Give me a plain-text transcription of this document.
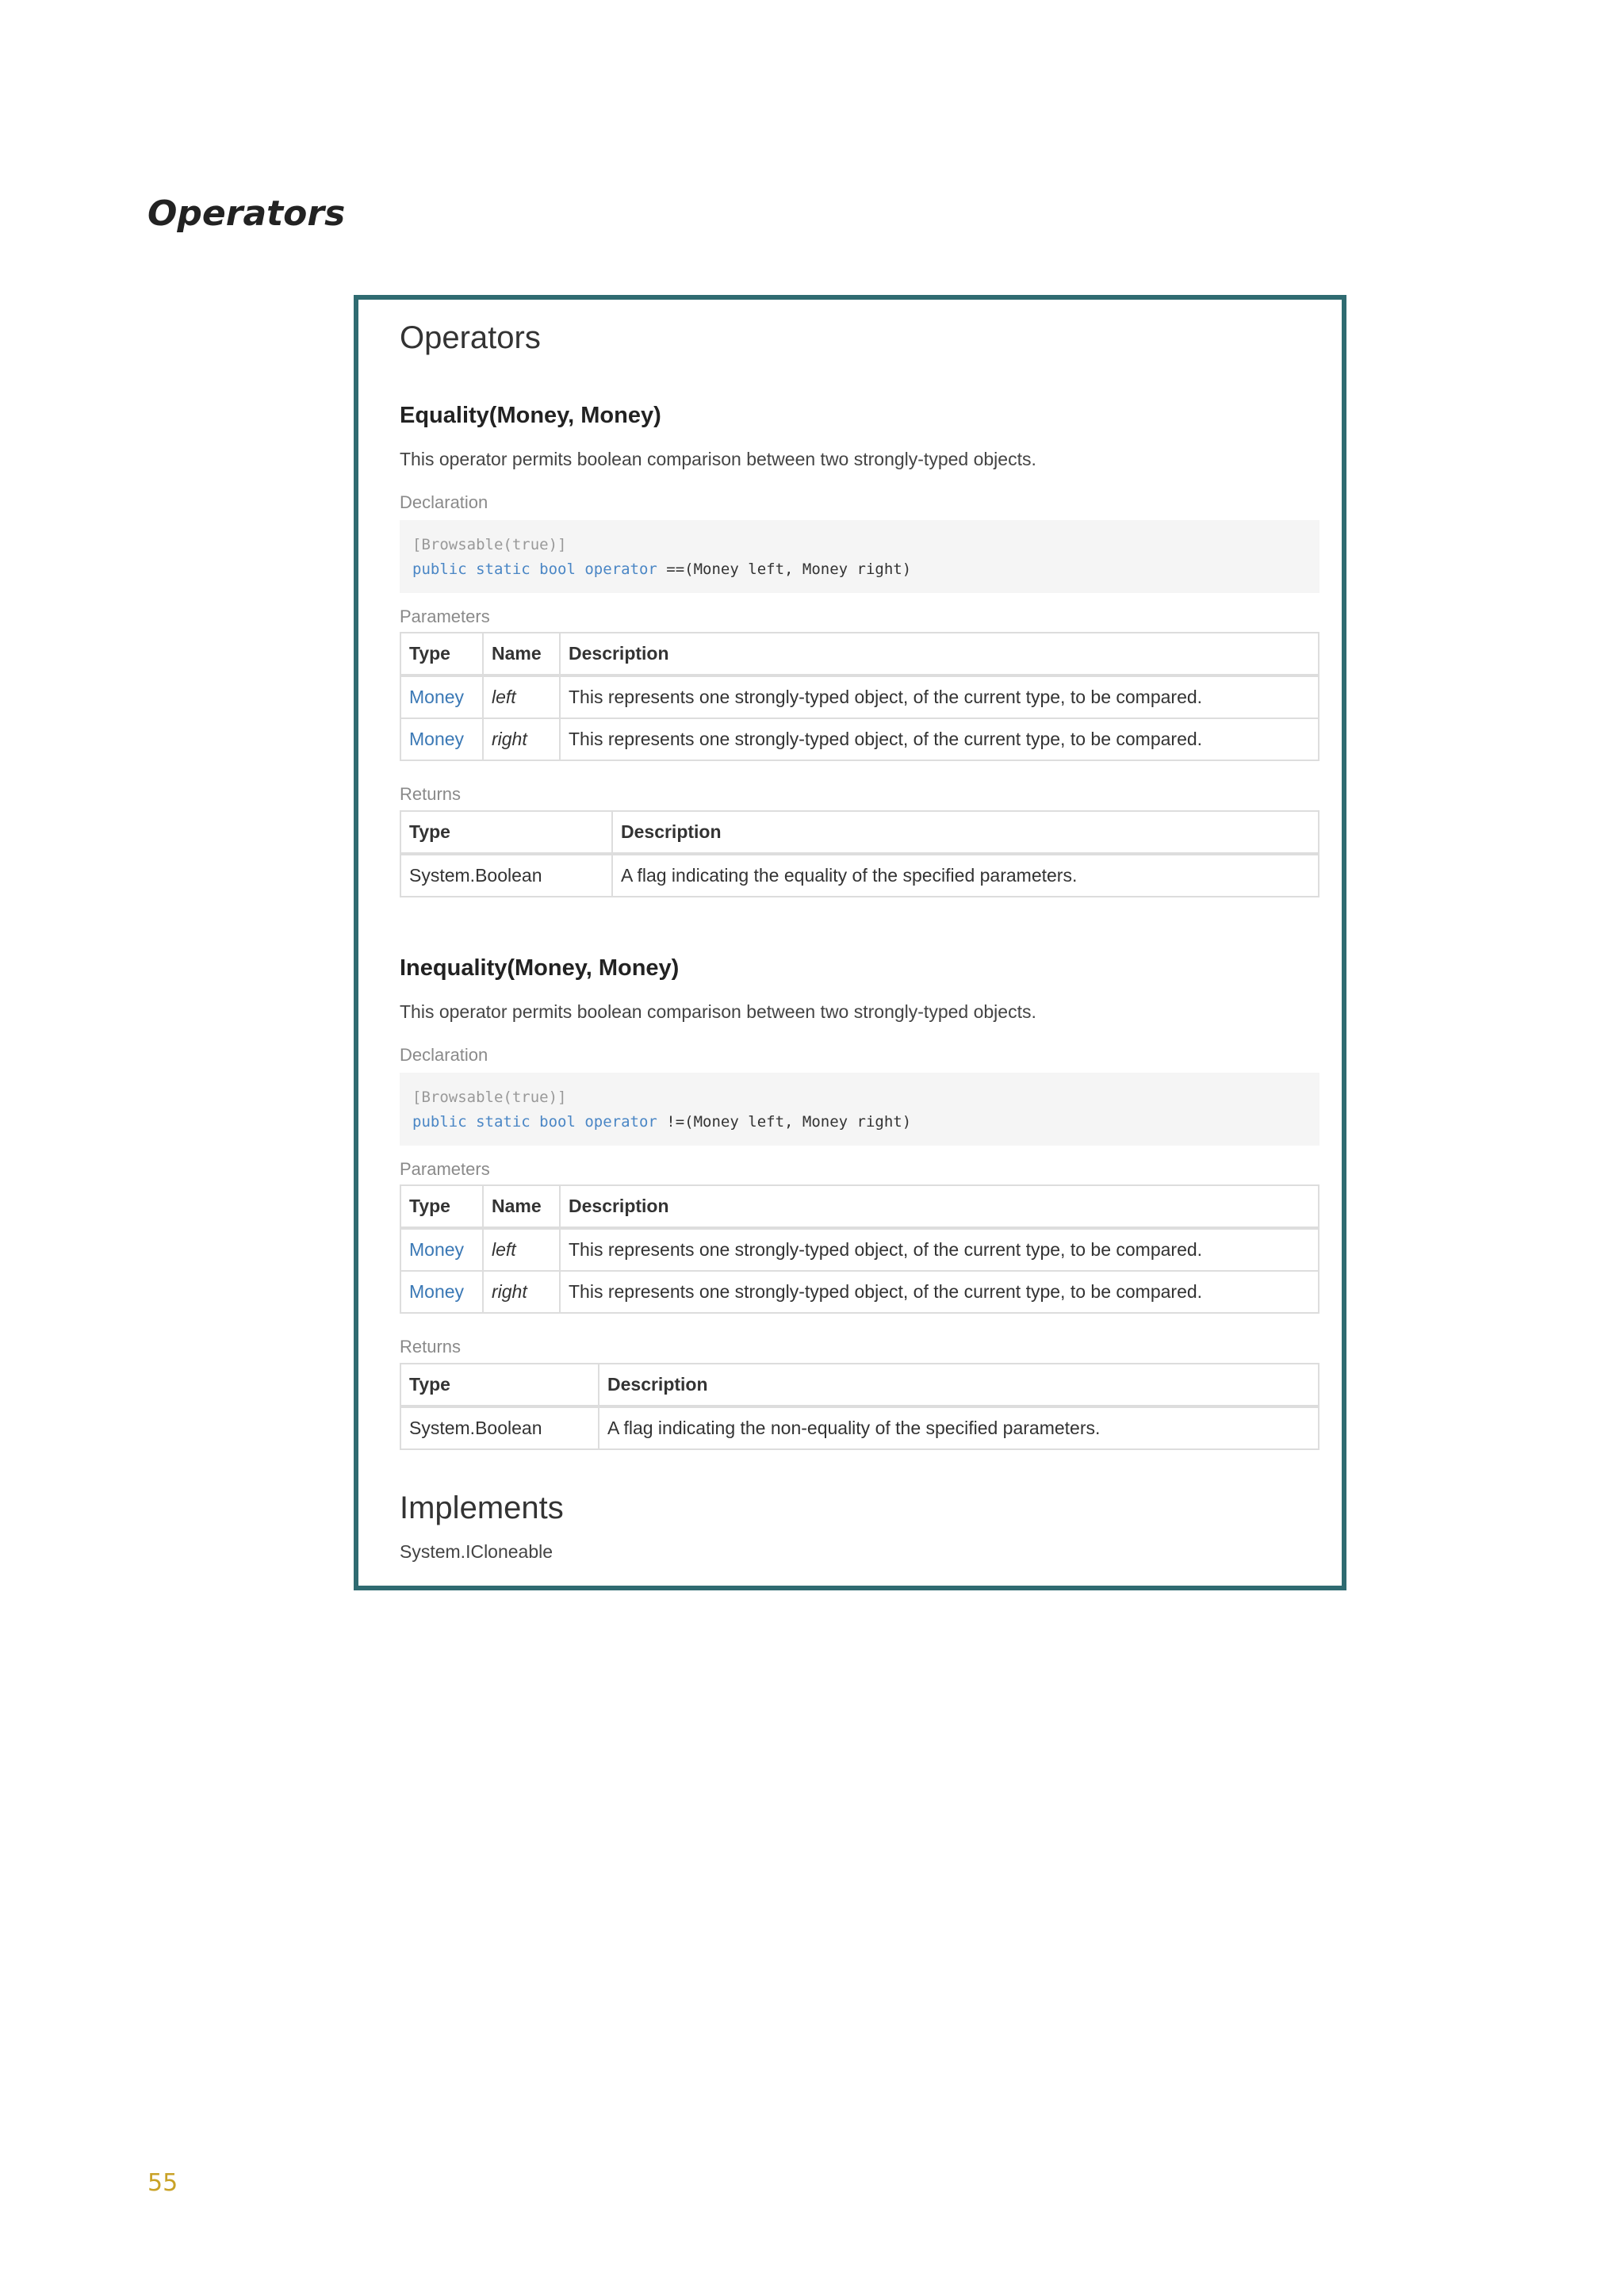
Operators
Operators
Equality(Money, Money)
This operator permits boolean comparison between two strongly-typed objects.
Declaration
[Browsable(true)]
public static bool operator ==(Money left, Money right)
Parameters
Type	Name	Description
Money	left	This represents one strongly-typed object, of the current type, to be compared.
Money	right	This represents one strongly-typed object, of the current type, to be compared.
Returns
Type	Description
System.Boolean	A flag indicating the equality of the specified parameters.
Inequality(Money, Money)
This operator permits boolean comparison between two strongly-typed objects.
Declaration
[Browsable(true)]
public static bool operator !=(Money left, Money right)
Parameters
Type	Name	Description
Money	left	This represents one strongly-typed object, of the current type, to be compared.
Money	right	This represents one strongly-typed object, of the current type, to be compared.
Returns
Type	Description
System.Boolean	A flag indicating the non-equality of the specified parameters.
Implements
System.ICloneable
55
